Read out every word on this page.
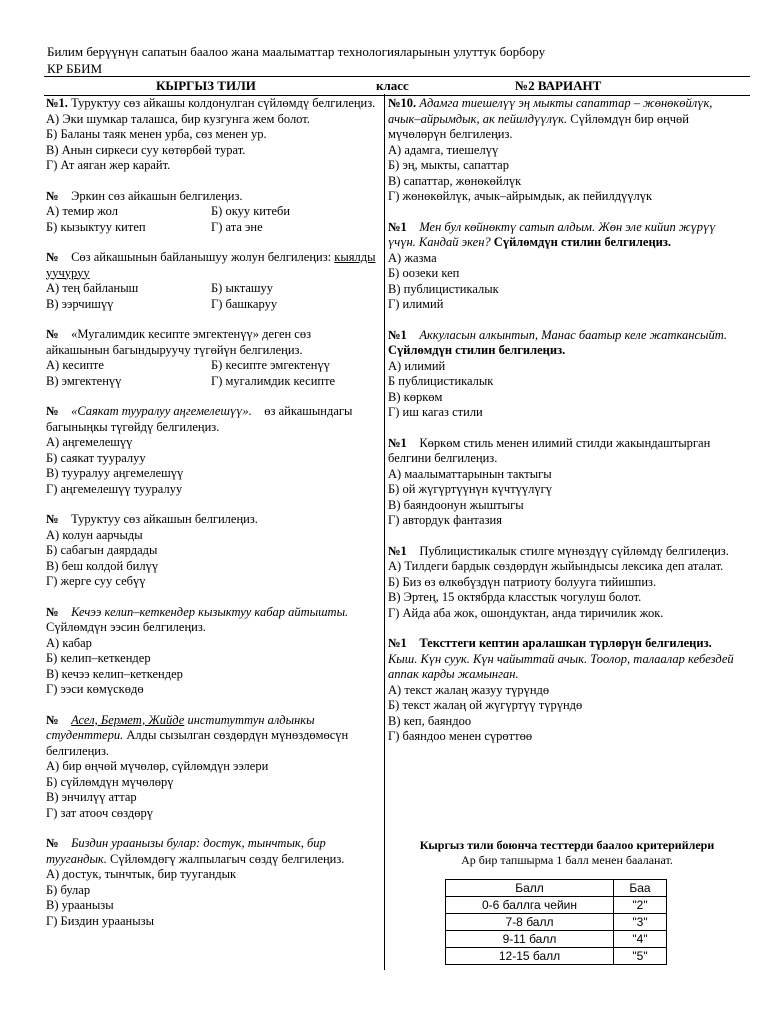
Билим берүүнүн сапатын баалоо жана маалыматтар технологияларынын улуттук борбору
КР ББИМ
КЫРГЫЗ ТИЛИ	класс	№2 ВАРИАНТ

№1. Туруктуу сөз айкашы колдонулган сүйлөмдү белгилеңиз.

А) Эки шумкар талашса, бир кузгунга жем болот.

Б) Баланы таяк менен урба, сөз менен ур.

В) Анын сиркеси суу көтөрбөй турат.

Г) Ат аяган жер карайт.

№ Эркин сөз айкашын белгилеңиз.

А) темир жол	Б) окуу китеби

Б) кызыктуу китеп	Г) ата эне

№ Сөз айкашынын байланышуу жолун белгилеңиз: кыялды уучуруу

А) тең байланыш	Б) ыкташуу

В) ээрчишүү	Г) башкаруу

№ «Мугалимдик кесипте эмгектенүү» деген сөз айкашынын багындыруучу түгөйүн белгилеңиз.

А) кесипте	Б) кесипте эмгектенүү

В) эмгектенүү	Г) мугалимдик кесипте

№ «Саякат тууралуу аңгемелешүү». өз айкашындагы багыныңкы түгөйдү белгилеңиз.

А) аңгемелешүү

Б) саякат тууралуу

В) тууралуу аңгемелешүү

Г) аңгемелешүү тууралуу

№ Туруктуу сөз айкашын белгилеңиз.

А) колун аарчыды

Б) сабагын даярдады

В) беш колдой билүү

Г) жерге суу себүү

№ Кечээ келип–кеткендер кызыктуу кабар айтышты. Сүйлөмдүн ээсин белгилеңиз.

А) кабар

Б) келип–кеткендер

В) кечээ келип–кеткендер

Г) ээси көмүскөдө

№ Асел, Бермет, Жийде институттун алдынкы студенттери. Алды сызылган сөздөрдүн мүнөздөмөсүн белгилеңиз.

А) бир өңчөй мүчөлөр, сүйлөмдүн ээлери

Б) сүйлөмдүн мүчөлөрү

В) энчилүү аттар

Г) зат атооч сөздөрү

№ Биздин ураанызы булар: достук, тынчтык, бир туугандык. Сүйлөмдөгү жалпылагыч сөздү белгилеңиз.

А) достук, тынчтык, бир туугандык

Б) булар

В) ураанызы

Г) Биздин ураанызы

№10. Адамга тиешелүү эң мыкты сапаттар – жөнөкөйлүк, ачык–айрымдык, ак пейилдүүлүк. Сүйлөмдүн бир өңчөй мүчөлөрүн белгилеңиз.

А) адамга, тиешелүү

Б) эң, мыкты, сапаттар

В) сапаттар, жөнөкөйлүк

Г) жөнөкөйлүк, ачык–айрымдык, ак пейилдүүлүк

№1 Мен бул көйнөктү сатып алдым. Жөн эле кийип жүрүү үчүн. Кандай экен? Сүйлөмдүн стилин белгилеңиз.

А) жазма

Б) оозеки кеп

В) публицистикалык

Г) илимий

№1 Аккуласын алкынтып, Манас баатыр келе жаткансыйт. Сүйлөмдүн стилин белгилеңиз.

А) илимий

Б публицистикалык

В) көркөм

Г) иш кагаз стили

№1 Көркөм стиль менен илимий стилди жакындаштырган белгини белгилеңиз.

А) маалыматтарынын тактыгы

Б) ой жүгүртүүнүн күчтүүлүгү

В) баяндоонун жыштыгы

Г) автордук фантазия

№1 Публицистикалык стилге мүнөздүү сүйлөмдү белгилеңиз.

А) Тилдеги бардык сөздөрдүн жыйындысы лексика деп аталат.

Б) Биз өз өлкөбүздүн патриоту болууга тийишпиз.

В) Эртең, 15 октябрда класстык чогулуш болот.

Г) Айда аба жок, ошондуктан, анда тиричилик жок.

№1 Тексттеги кептин аралашкан түрлөрүн белгилеңиз.

Кыш. Күн суук. Күн чайыттай ачык. Тоолор, талаалар кебездей аппак карды жамынган.

А) текст жалаң жазуу түрүндө

Б) текст жалаң ой жүгүртүү түрүндө

В) кеп, баяндоо

Г) баяндоо менен сүрөттөө

Кыргыз тили боюнча тесттерди баалоо критерийлери
Ар бир тапшырма 1 балл менен бааланат.
Балл	Баа
0-6 баллга чейин	"2"
7-8 балл	"3"
9-11 балл	"4"
12-15 балл	"5"
